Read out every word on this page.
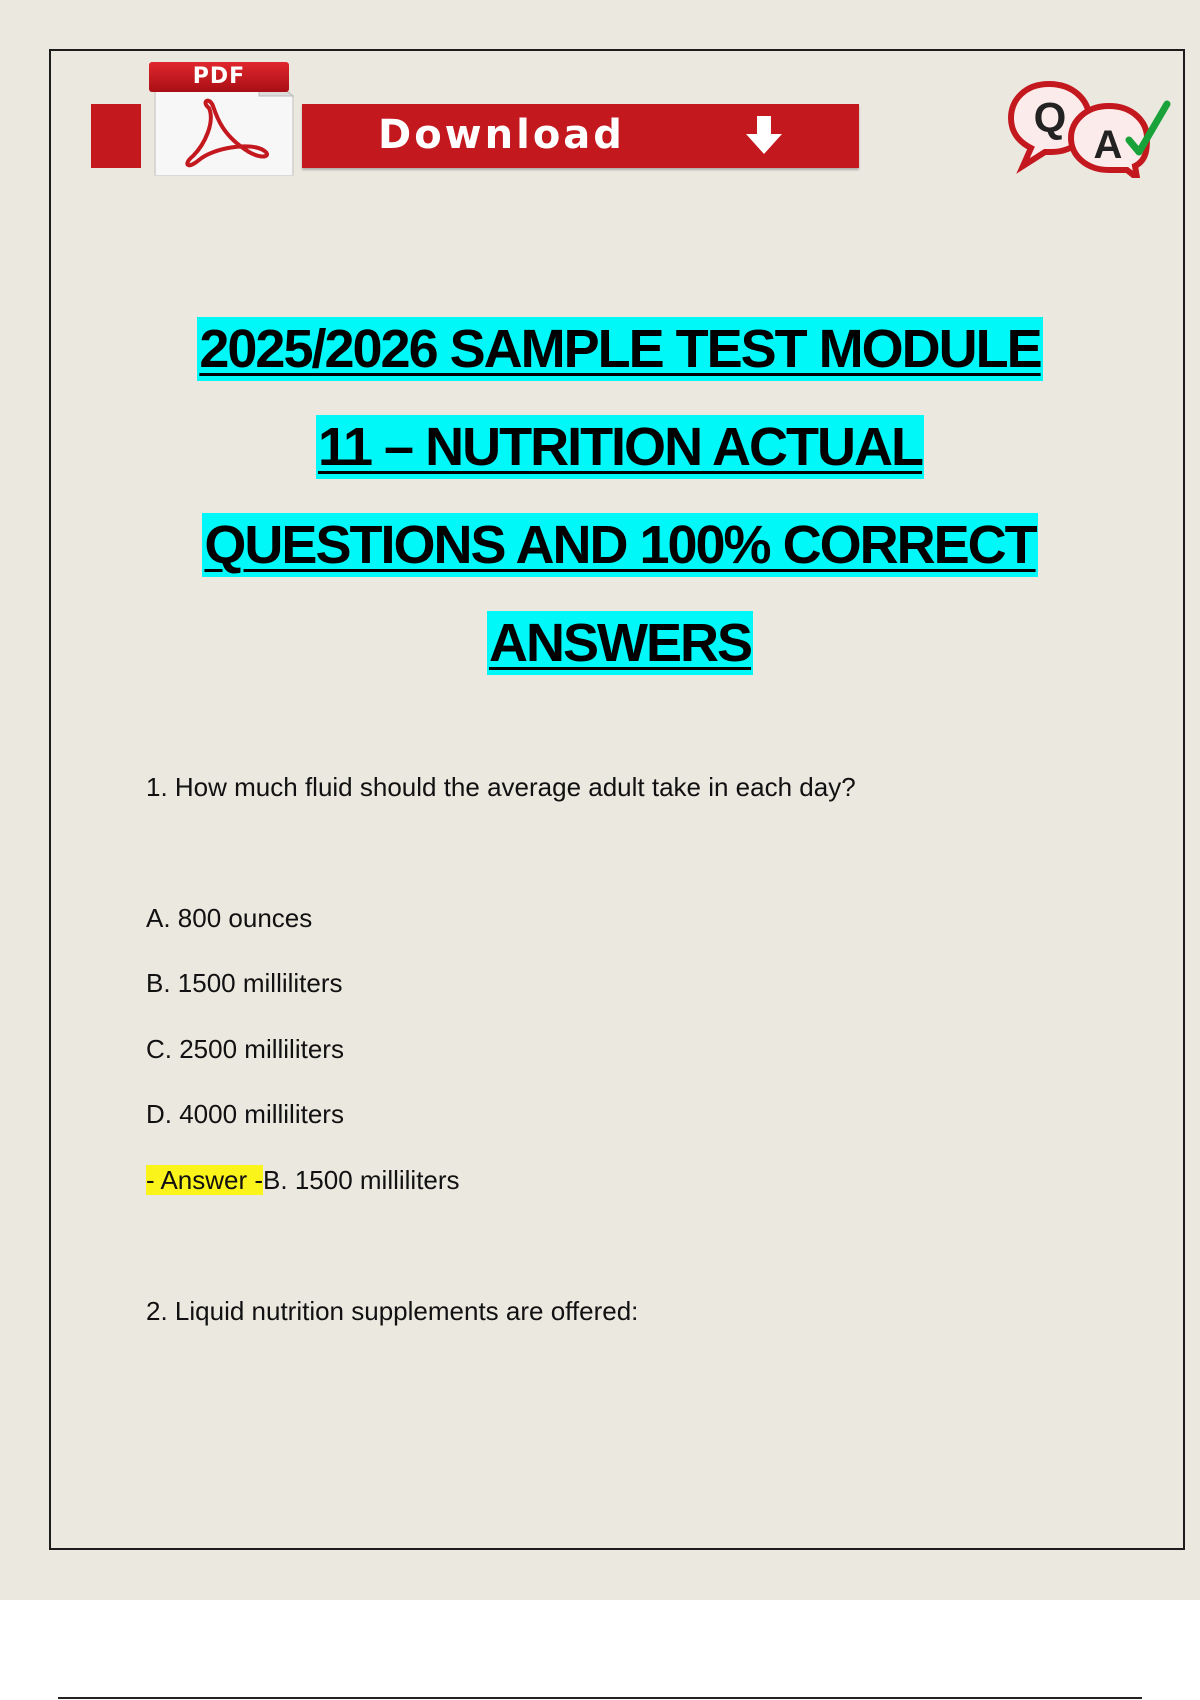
Download
PDF
Q
A
2025/2026 SAMPLE TEST MODULE
11 – NUTRITION ACTUAL
QUESTIONS AND 100% CORRECT
ANSWERS
1. How much fluid should the average adult take in each day?
A. 800 ounces
B. 1500 milliliters
C. 2500 milliliters
D. 4000 milliliters
- Answer -B. 1500 milliliters
2. Liquid nutrition supplements are offered:
